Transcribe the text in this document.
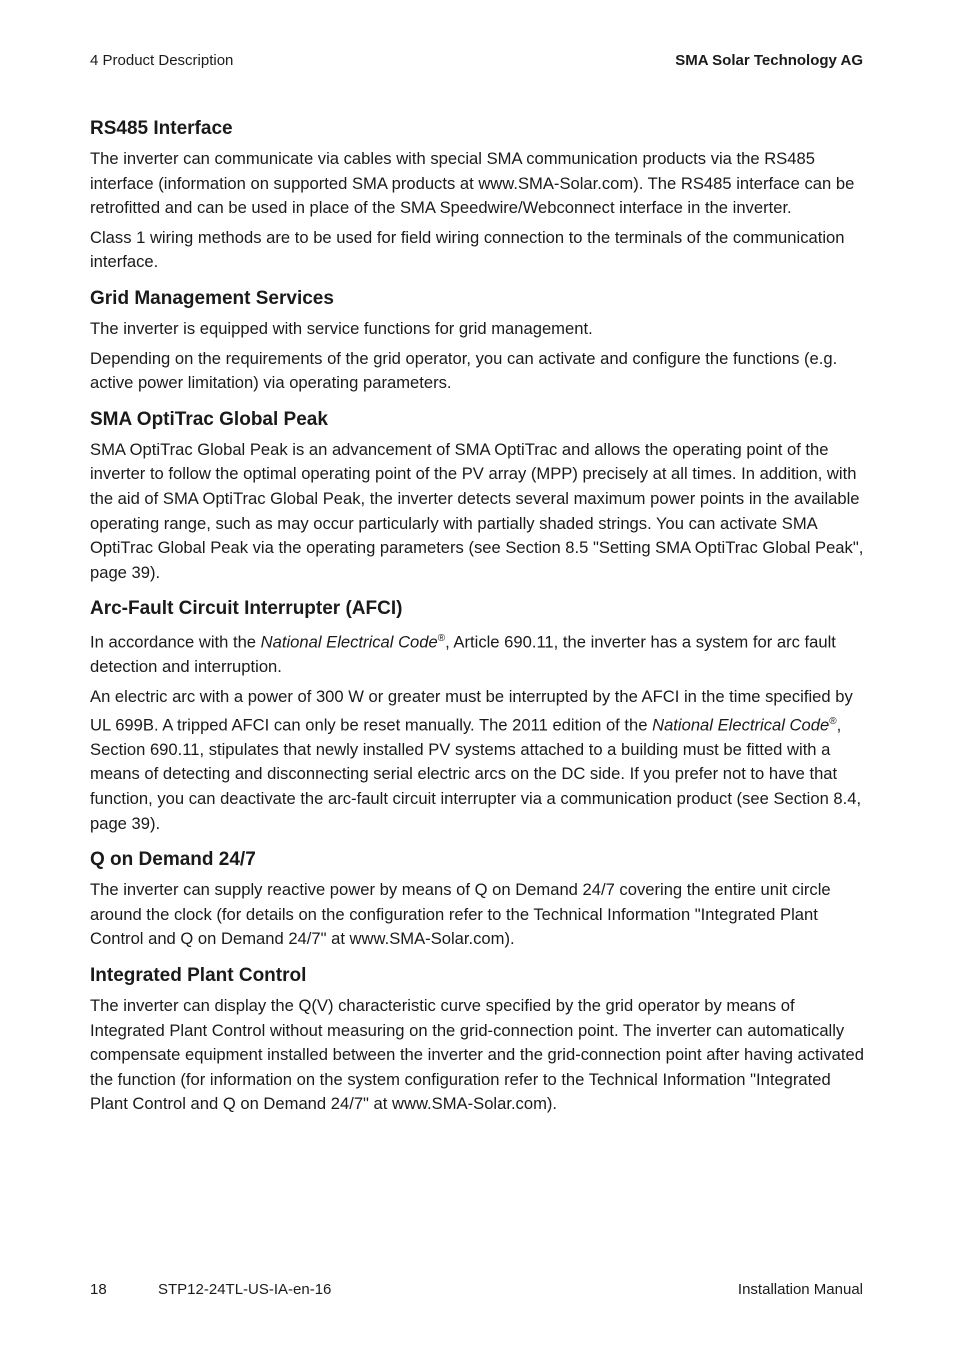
4 Product Description	SMA Solar Technology AG
RS485 Interface

The inverter can communicate via cables with special SMA communication products via the RS485 interface (information on supported SMA products at www.SMA-Solar.com). The RS485 interface can be retrofitted and can be used in place of the SMA Speedwire/Webconnect interface in the inverter.

Class 1 wiring methods are to be used for field wiring connection to the terminals of the communication interface.

Grid Management Services

The inverter is equipped with service functions for grid management.

Depending on the requirements of the grid operator, you can activate and configure the functions (e.g. active power limitation) via operating parameters.

SMA OptiTrac Global Peak

SMA OptiTrac Global Peak is an advancement of SMA OptiTrac and allows the operating point of the inverter to follow the optimal operating point of the PV array (MPP) precisely at all times. In addition, with the aid of SMA OptiTrac Global Peak, the inverter detects several maximum power points in the available operating range, such as may occur particularly with partially shaded strings. You can activate SMA OptiTrac Global Peak via the operating parameters (see Section 8.5 "Setting SMA OptiTrac Global Peak", page 39).

Arc-Fault Circuit Interrupter (AFCI)

In accordance with the National Electrical Code®, Article 690.11, the inverter has a system for arc fault detection and interruption.

An electric arc with a power of 300 W or greater must be interrupted by the AFCI in the time specified by UL 699B. A tripped AFCI can only be reset manually. The 2011 edition of the National Electrical Code®, Section 690.11, stipulates that newly installed PV systems attached to a building must be fitted with a means of detecting and disconnecting serial electric arcs on the DC side. If you prefer not to have that function, you can deactivate the arc-fault circuit interrupter via a communication product (see Section 8.4, page 39).

Q on Demand 24/7

The inverter can supply reactive power by means of Q on Demand 24/7 covering the entire unit circle around the clock (for details on the configuration refer to the Technical Information "Integrated Plant Control and Q on Demand 24/7" at www.SMA-Solar.com).

Integrated Plant Control

The inverter can display the Q(V) characteristic curve specified by the grid operator by means of Integrated Plant Control without measuring on the grid-connection point. The inverter can automatically compensate equipment installed between the inverter and the grid-connection point after having activated the function (for information on the system configuration refer to the Technical Information "Integrated Plant Control and Q on Demand 24/7" at www.SMA-Solar.com).

18	STP12-24TL-US-IA-en-16	Installation Manual
